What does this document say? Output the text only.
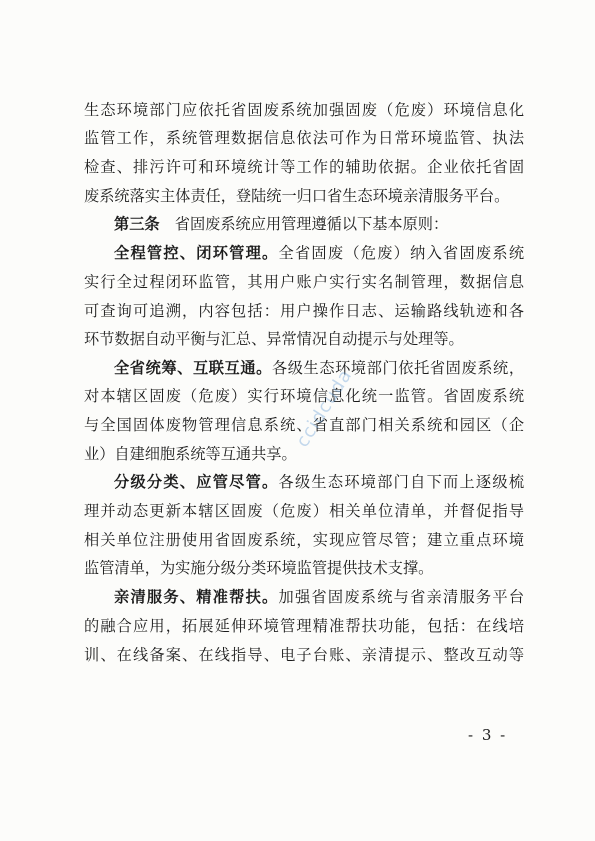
生态环境部门应依托省固废系统加强固废（危废）环境信息化
监管工作，系统管理数据信息依法可作为日常环境监管、执法
检查、排污许可和环境统计等工作的辅助依据。企业依托省固
废系统落实主体责任，登陆统一归口省生态环境亲清服务平台。
第三条　省固废系统应用管理遵循以下基本原则：
全程管控、闭环管理。全省固废（危废）纳入省固废系统
实行全过程闭环监管，其用户账户实行实名制管理，数据信息
可查询可追溯，内容包括：用户操作日志、运输路线轨迹和各
环节数据自动平衡与汇总、异常情况自动提示与处理等。
全省统筹、互联互通。各级生态环境部门依托省固废系统，
对本辖区固废（危废）实行环境信息化统一监管。省固废系统
与全国固体废物管理信息系统、省直部门相关系统和园区（企
业）自建细胞系统等互通共享。
分级分类、应管尽管。各级生态环境部门自下而上逐级梳
理并动态更新本辖区固废（危废）相关单位清单，并督促指导
相关单位注册使用省固废系统，实现应管尽管；建立重点环境
监管清单，为实施分级分类环境监管提供技术支撑。
亲清服务、精准帮扶。加强省固废系统与省亲清服务平台
的融合应用，拓展延伸环境管理精准帮扶功能，包括：在线培
训、在线备案、在线指导、电子台账、亲清提示、整改互动等
ccidcuda
- 3 -
